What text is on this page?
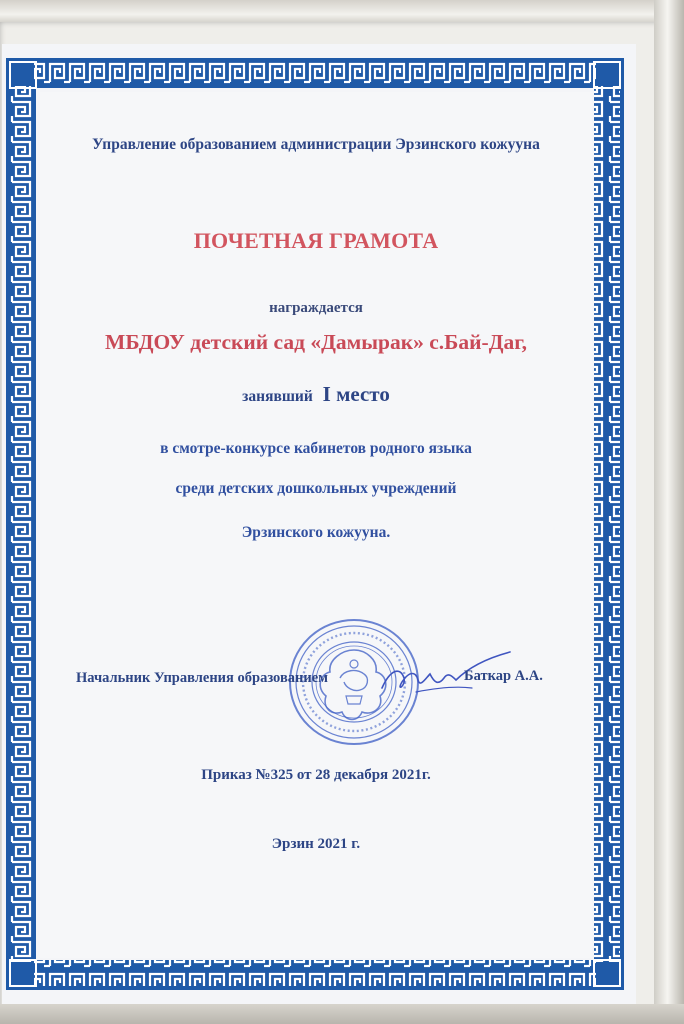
Управление образованием администрации Эрзинского кожууна
ПОЧЕТНАЯ ГРАМОТА
награждается
МБДОУ детский сад «Дамырак» с.Бай-Даг,
занявший I место
в смотре-конкурсе кабинетов родного языка
среди детских дошкольных учреждений
Эрзинского кожууна.
Начальник Управления образованием	Баткар А.А.
Приказ №325 от 28 декабря 2021г.
Эрзин 2021 г.
